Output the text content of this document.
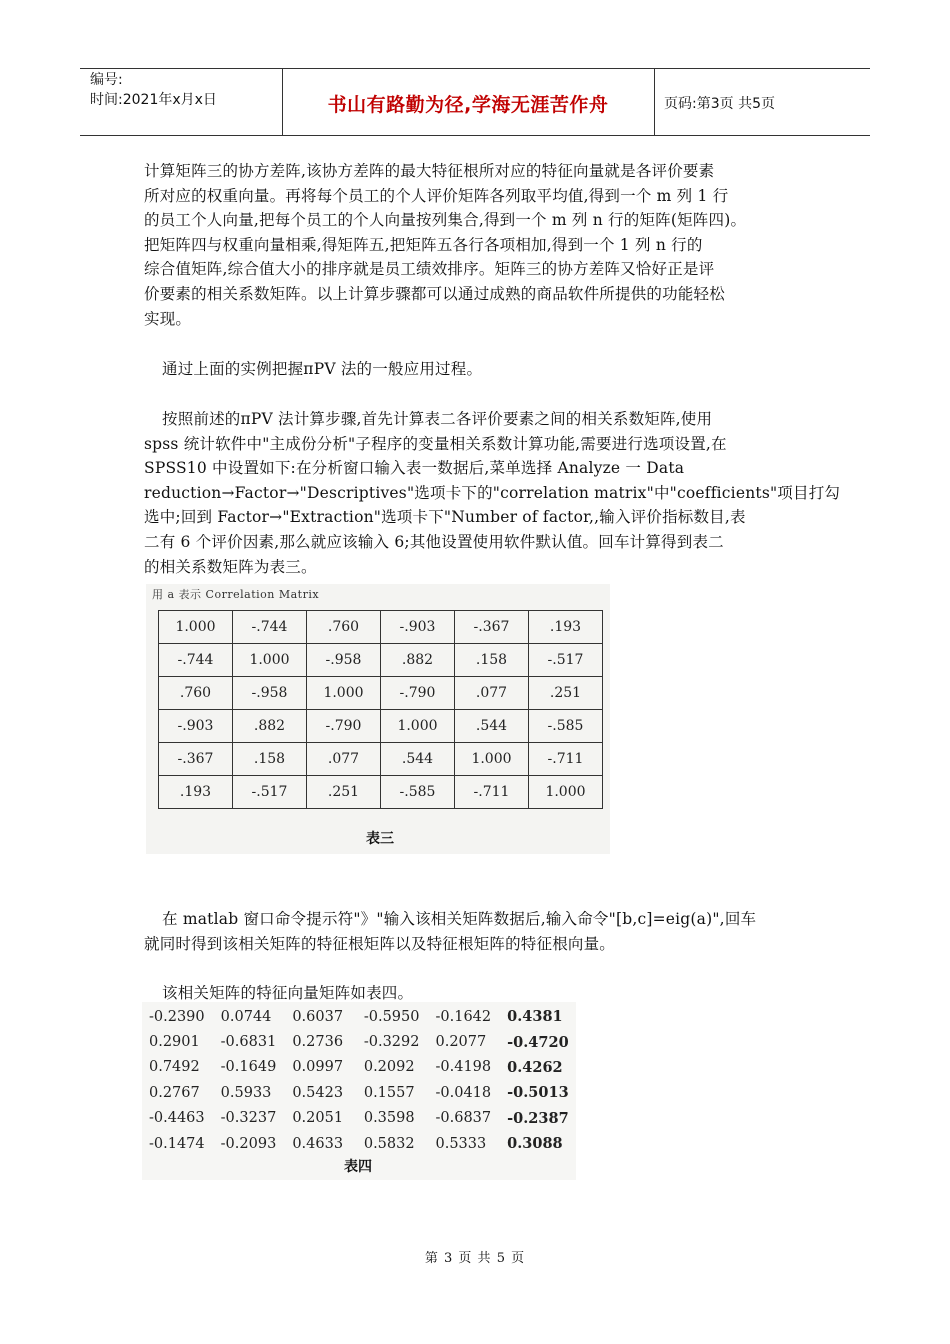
编号:
时间:2021年x月x日	书山有路勤为径,学海无涯苦作舟	页码:第3页 共5页
计算矩阵三的协方差阵,该协方差阵的最大特征根所对应的特征向量就是各评价要素
所对应的权重向量。再将每个员工的个人评价矩阵各列取平均值,得到一个 m 列 1 行
的员工个人向量,把每个员工的个人向量按列集合,得到一个 m 列 n 行的矩阵(矩阵四)。
把矩阵四与权重向量相乘,得矩阵五,把矩阵五各行各项相加,得到一个 1 列 n 行的
综合值矩阵,综合值大小的排序就是员工绩效排序。矩阵三的协方差阵又恰好正是评
价要素的相关系数矩阵。以上计算步骤都可以通过成熟的商品软件所提供的功能轻松
实现。
通过上面的实例把握πPV 法的一般应用过程。
按照前述的πPV 法计算步骤,首先计算表二各评价要素之间的相关系数矩阵,使用
spss 统计软件中"主成份分析"子程序的变量相关系数计算功能,需要进行选项设置,在
SPSS10 中设置如下:在分析窗口输入表一数据后,菜单选择 Analyze 一 Data
reduction→Factor→"Descriptives"选项卡下的"correlation matrix"中"coefficients"项目打勾
选中;回到 Factor→"Extraction"选项卡下"Number of factor,,输入评价指标数目,表
二有 6 个评价因素,那么就应该输入 6;其他设置使用软件默认值。回车计算得到表二
的相关系数矩阵为表三。
用 a 表示 Correlation Matrix
1.000	-.744	.760	-.903	-.367	.193
-.744	1.000	-.958	.882	.158	-.517
.760	-.958	1.000	-.790	.077	.251
-.903	.882	-.790	1.000	.544	-.585
-.367	.158	.077	.544	1.000	-.711
.193	-.517	.251	-.585	-.711	1.000
表三
在 matlab 窗口命令提示符"》"输入该相关矩阵数据后,输入命令"[b,c]=eig(a)",回车
就同时得到该相关矩阵的特征根矩阵以及特征根矩阵的特征根向量。
该相关矩阵的特征向量矩阵如表四。
-0.2390	0.0744	0.6037	-0.5950	-0.1642	0.4381
0.2901	-0.6831	0.2736	-0.3292	0.2077	-0.4720
0.7492	-0.1649	0.0997	0.2092	-0.4198	0.4262
0.2767	0.5933	0.5423	0.1557	-0.0418	-0.5013
-0.4463	-0.3237	0.2051	0.3598	-0.6837	-0.2387
-0.1474	-0.2093	0.4633	0.5832	0.5333	0.3088
表四
第 3 页 共 5 页
